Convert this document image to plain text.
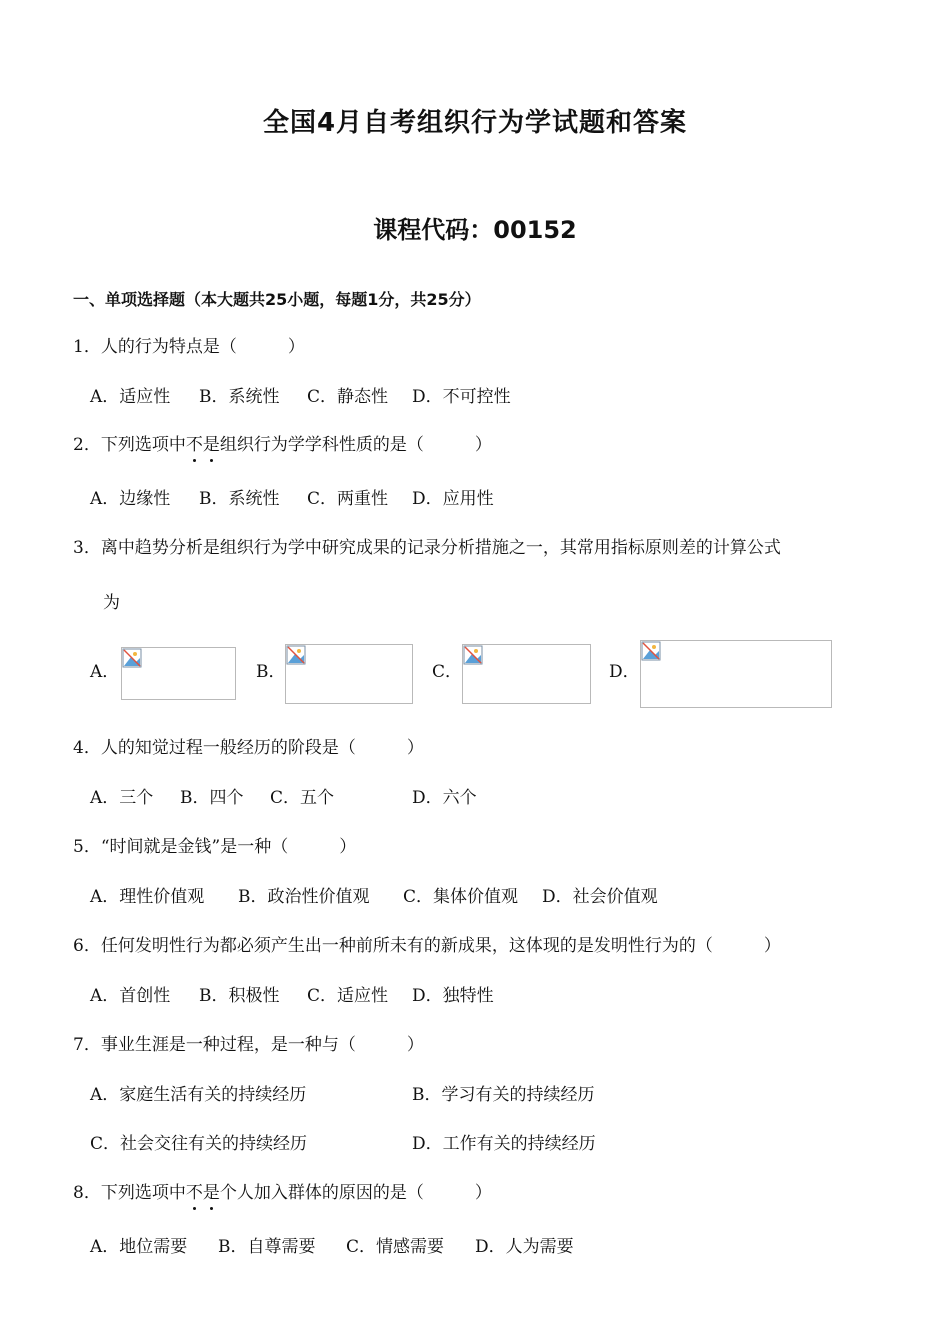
全国4月自考组织行为学试题和答案
课程代码：00152
一、单项选择题（本大题共25小题，每题1分，共25分）
1．人的行为特点是（　　　）
A．适应性 B．系统性 C．静态性 D．不可控性
2．下列选项中不是组织行为学学科性质的是（　　　）
A．边缘性 B．系统性 C．两重性 D．应用性
3．离中趋势分析是组织行为学中研究成果的记录分析措施之一，其常用指标原则差的计算公式
为
A．	B．	C．	D．
4．人的知觉过程一般经历的阶段是（　　　）
A．三个 B．四个 C．五个	D．六个
5．“时间就是金钱”是一种（　　　）
A．理性价值观 B．政治性价值观 C．集体价值观 D．社会价值观
6．任何发明性行为都必须产生出一种前所未有的新成果，这体现的是发明性行为的（　　　）
A．首创性 B．积极性 C．适应性 D．独特性
7．事业生涯是一种过程，是一种与（　　　）
A．家庭生活有关的持续经历	B．学习有关的持续经历
C．社会交往有关的持续经历	D．工作有关的持续经历
8．下列选项中不是个人加入群体的原因的是（　　　）
A．地位需要 B．自尊需要 C．情感需要 D．人为需要
